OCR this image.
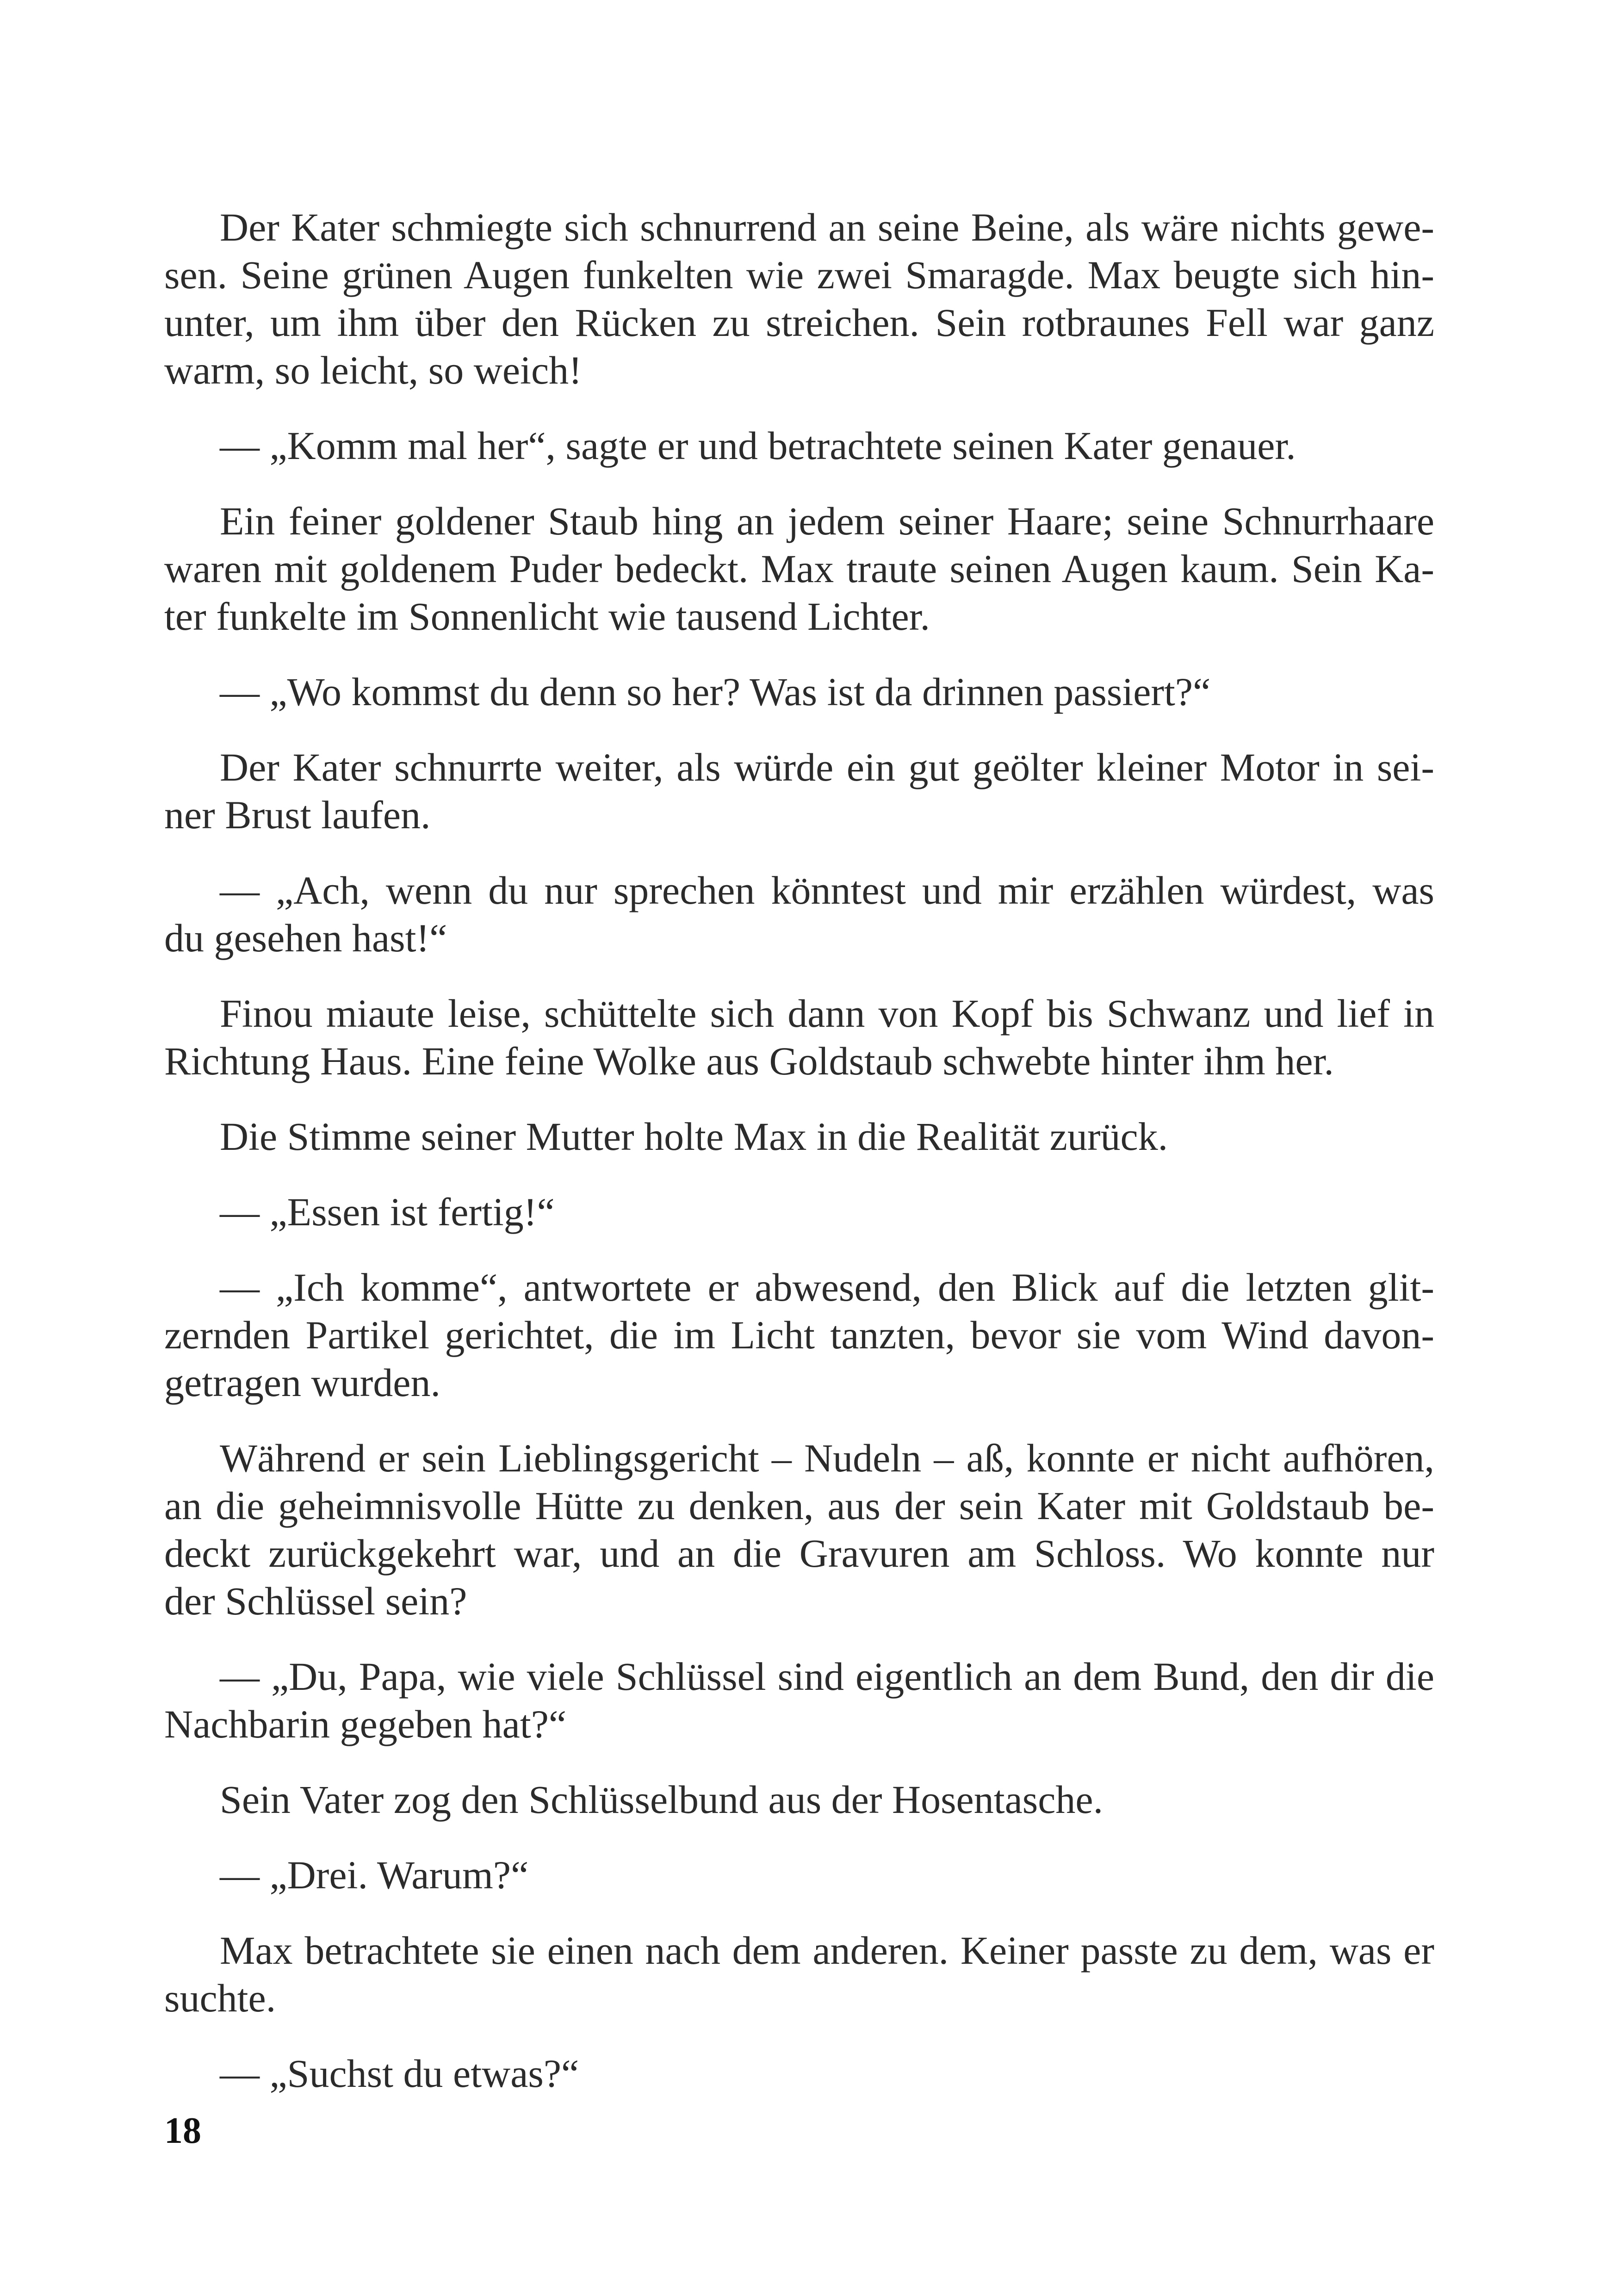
Der Kater schmiegte sich schnurrend an seine Beine, als wäre nichts gewe-
sen. Seine grünen Augen funkelten wie zwei Smaragde. Max beugte sich hin-
unter, um ihm über den Rücken zu streichen. Sein rotbraunes Fell war ganz
warm, so leicht, so weich!
— „Komm mal her“, sagte er und betrachtete seinen Kater genauer.
Ein feiner goldener Staub hing an jedem seiner Haare; seine Schnurrhaare
waren mit goldenem Puder bedeckt. Max traute seinen Augen kaum. Sein Ka-
ter funkelte im Sonnenlicht wie tausend Lichter.
— „Wo kommst du denn so her? Was ist da drinnen passiert?“
Der Kater schnurrte weiter, als würde ein gut geölter kleiner Motor in sei-
ner Brust laufen.
— „Ach, wenn du nur sprechen könntest und mir erzählen würdest, was
du gesehen hast!“
Finou miaute leise, schüttelte sich dann von Kopf bis Schwanz und lief in
Richtung Haus. Eine feine Wolke aus Goldstaub schwebte hinter ihm her.
Die Stimme seiner Mutter holte Max in die Realität zurück.
— „Essen ist fertig!“
— „Ich komme“, antwortete er abwesend, den Blick auf die letzten glit-
zernden Partikel gerichtet, die im Licht tanzten, bevor sie vom Wind davon-
getragen wurden.
Während er sein Lieblingsgericht – Nudeln – aß, konnte er nicht aufhören,
an die geheimnisvolle Hütte zu denken, aus der sein Kater mit Goldstaub be-
deckt zurückgekehrt war, und an die Gravuren am Schloss. Wo konnte nur
der Schlüssel sein?
— „Du, Papa, wie viele Schlüssel sind eigentlich an dem Bund, den dir die
Nachbarin gegeben hat?“
Sein Vater zog den Schlüsselbund aus der Hosentasche.
— „Drei. Warum?“
Max betrachtete sie einen nach dem anderen. Keiner passte zu dem, was er
suchte.
— „Suchst du etwas?“
18
